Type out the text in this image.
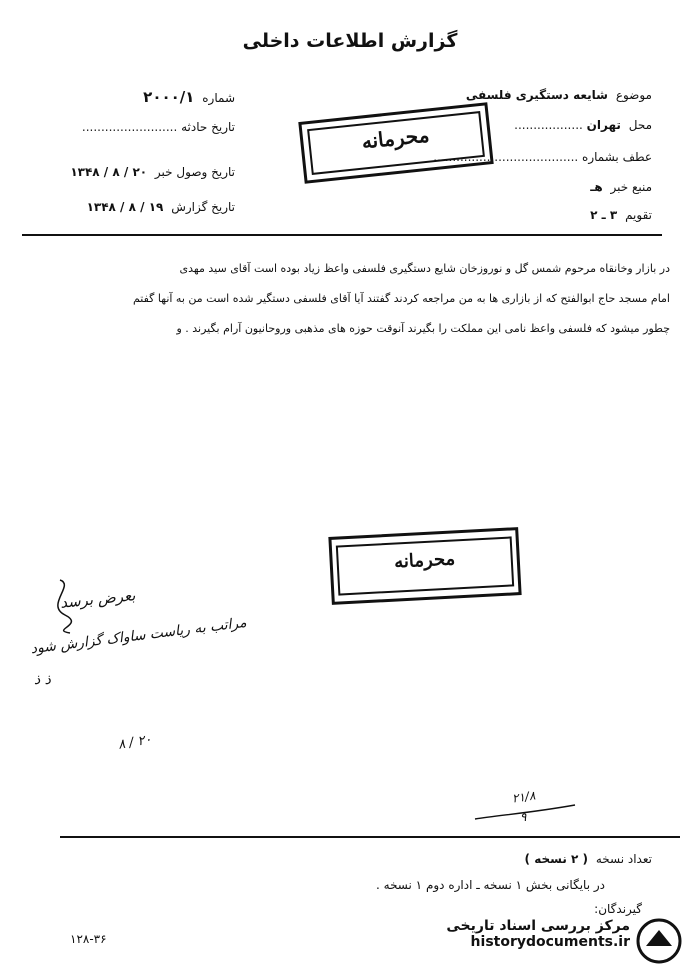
گزارش اطلاعات داخلی
موضوع شایعه دستگیری فلسفی
محل تهران ..................
عطف بشماره ......................................
منبع خبر هـ
تقویم ۳ ـ ۲
شماره ۲۰۰۰/۱
تاریخ حادثه .........................
تاریخ وصول خبر ۲۰ / ۸ / ۱۳۴۸
تاریخ گزارش ۱۹ / ۸ / ۱۳۴۸
محرمانه
در بازار وخانقاه مرحوم شمس گل و نوروزخان شایع دستگیری فلسفی واعظ زیاد بوده است آقای سید مهدی
امام مسجد حاج ابوالفتح که از بازاری ها به من مراجعه کردند گفتند آیا آقای فلسفی دستگیر شده است من به آنها گفتم
چطور میشود که فلسفی واعظ نامی این مملکت را بگیرند آنوقت حوزه های مذهبی وروحانیون آرام بگیرند . و
محرمانه
بعرض برسد
مراتب به ریاست ساواک گزارش شود
ذ ذ
۲۰ / ۸
۲۱/۸
۹
تعداد نسخه ( ۲ نسخه )
در بایگانی بخش ۱ نسخه ـ اداره دوم ۱ نسخه .
گیرندگان:
۱۲۸-۳۶
مرکز بررسی اسناد تاریخی
historydocuments.ir
